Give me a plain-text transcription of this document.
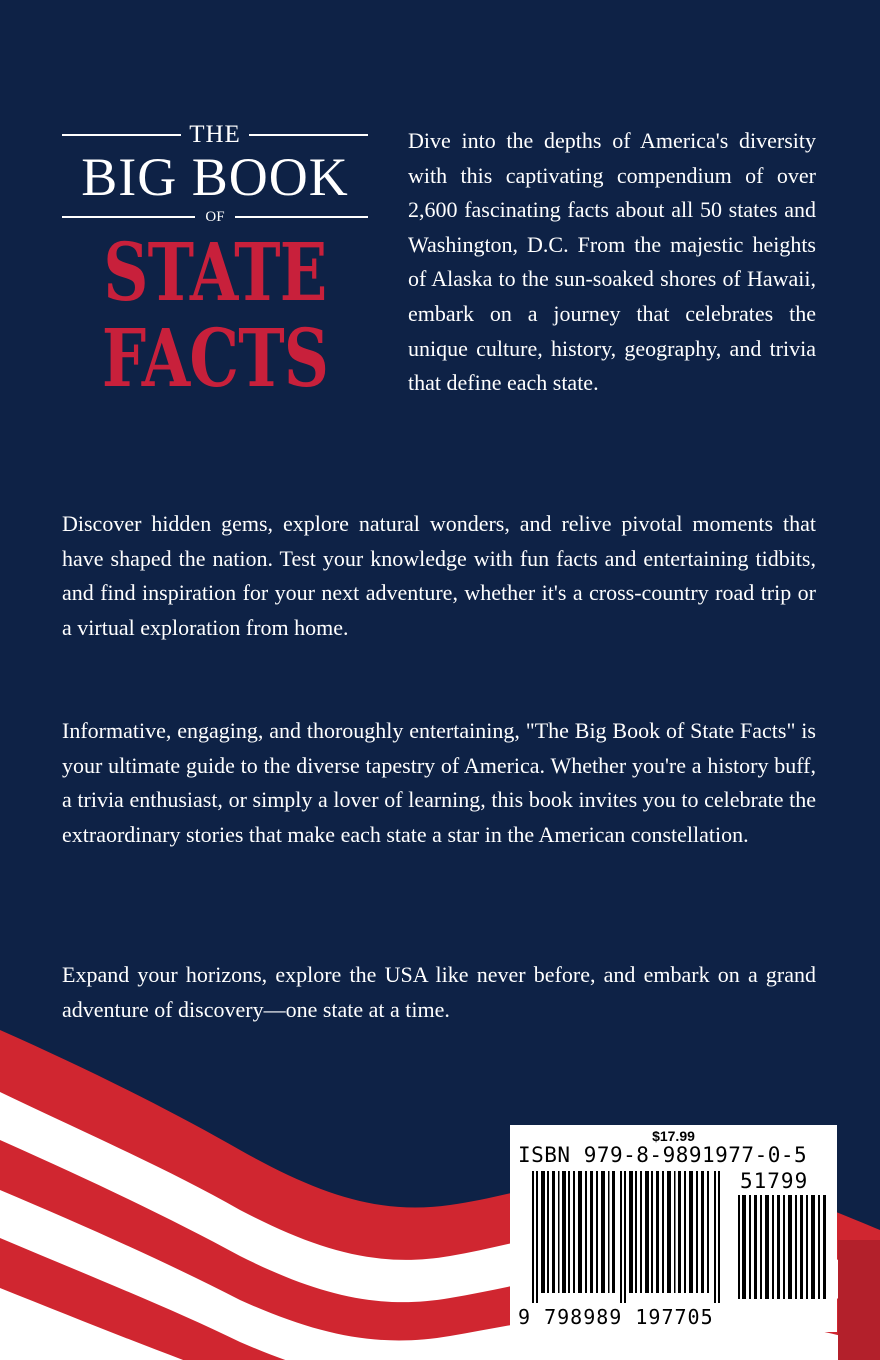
THE
BIG BOOK
OF
STATE
FACTS
Dive into the depths of America's diversity with this captivating compendium of over 2,600 fascinating facts about all 50 states and Washington, D.C. From the majestic heights of Alaska to the sun-soaked shores of Hawaii, embark on a journey that celebrates the unique culture, history, geography, and trivia that define each state.
Discover hidden gems, explore natural wonders, and relive pivotal moments that have shaped the nation. Test your knowledge with fun facts and entertaining tidbits, and find inspiration for your next adventure, whether it's a cross-country road trip or a virtual exploration from home.
Informative, engaging, and thoroughly entertaining, "The Big Book of State Facts" is your ultimate guide to the diverse tapestry of America. Whether you're a history buff, a trivia enthusiast, or simply a lover of learning, this book invites you to celebrate the extraordinary stories that make each state a star in the American constellation.
Expand your horizons, explore the USA like never before, and embark on a grand adventure of discovery—one state at a time.
$17.99
ISBN 979-8-9891977-0-5
51799
9 798989 197705
